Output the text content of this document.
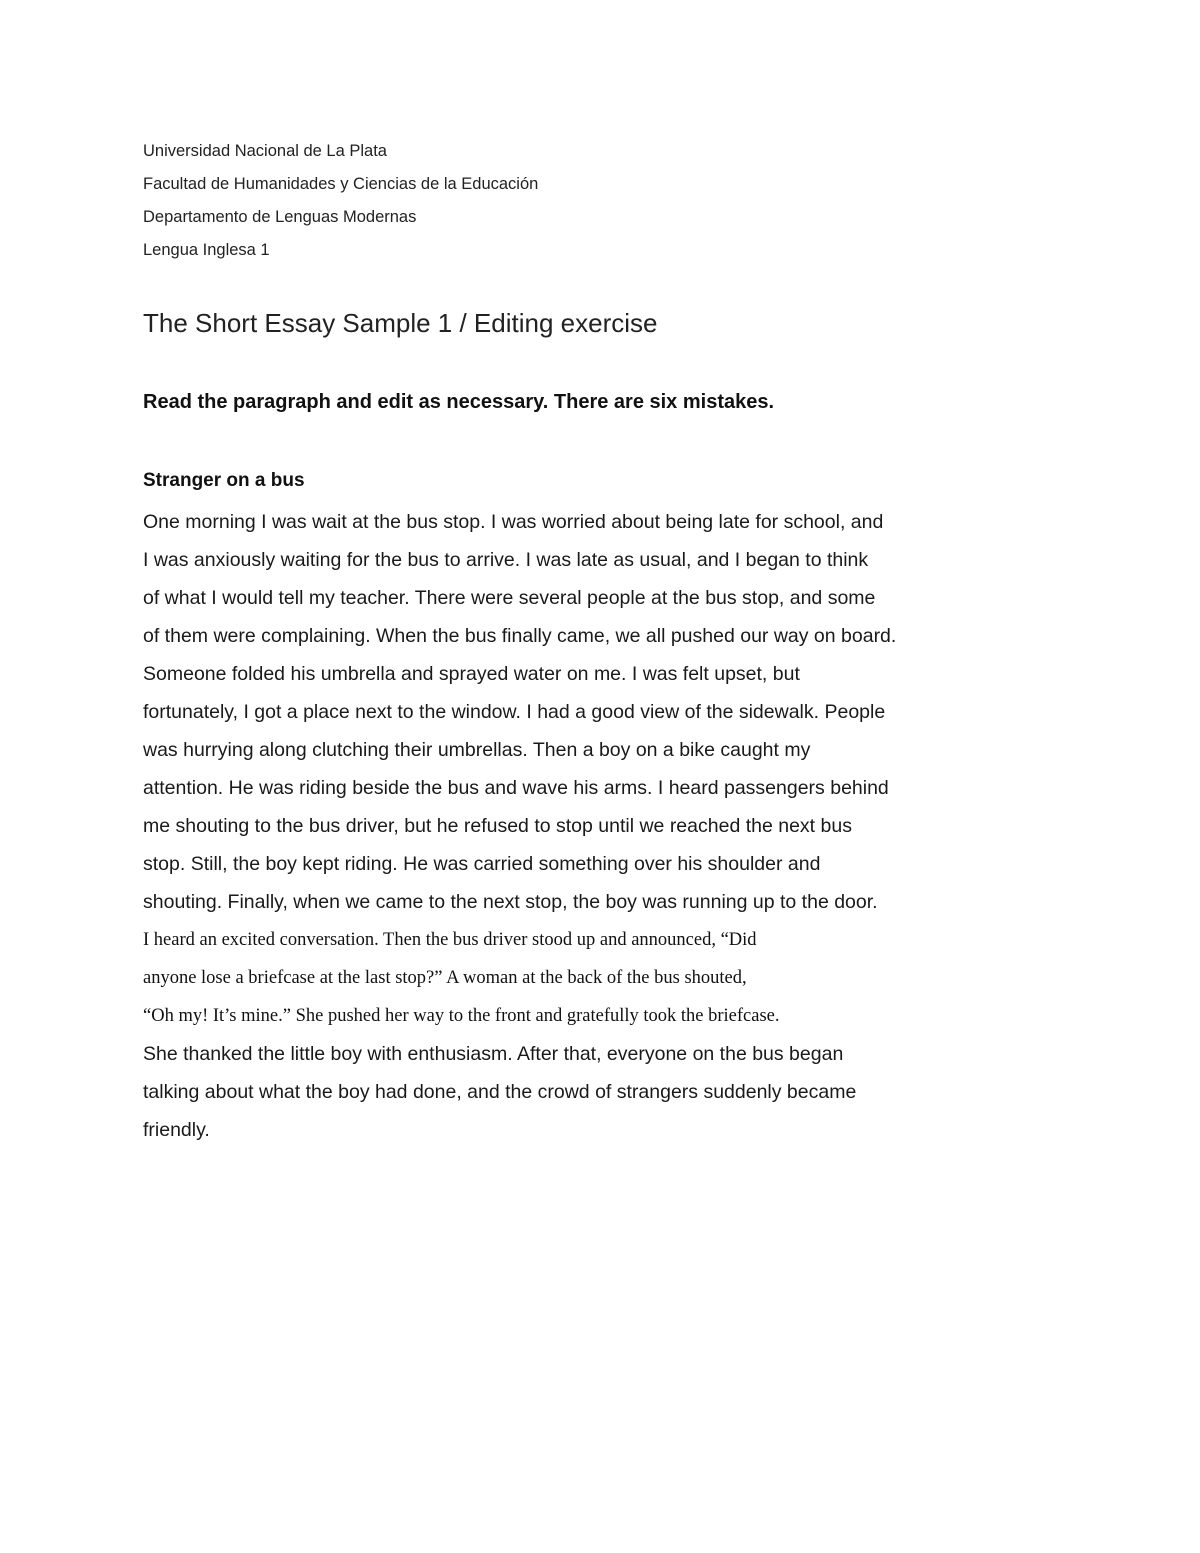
Universidad Nacional de La Plata
Facultad de Humanidades y Ciencias de la Educación
Departamento de Lenguas Modernas
Lengua Inglesa 1
The Short Essay Sample 1 / Editing exercise
Read the paragraph and edit as necessary. There are six mistakes.
Stranger on a bus
One morning I was wait at the bus stop. I was worried about being late for school, and
I was anxiously waiting for the bus to arrive. I was late as usual, and I began to think
of what I would tell my teacher. There were several people at the bus stop, and some
of them were complaining. When the bus finally came, we all pushed our way on board.
Someone folded his umbrella and sprayed water on me. I was felt upset, but
fortunately, I got a place next to the window. I had a good view of the sidewalk. People
was hurrying along clutching their umbrellas. Then a boy on a bike caught my
attention. He was riding beside the bus and wave his arms. I heard passengers behind
me shouting to the bus driver, but he refused to stop until we reached the next bus
stop. Still, the boy kept riding. He was carried something over his shoulder and
shouting. Finally, when we came to the next stop, the boy was running up to the door.
I heard an excited conversation. Then the bus driver stood up and announced, “Did
anyone lose a briefcase at the last stop?” A woman at the back of the bus shouted,
“Oh my! It’s mine.” She pushed her way to the front and gratefully took the briefcase.
She thanked the little boy with enthusiasm. After that, everyone on the bus began
talking about what the boy had done, and the crowd of strangers suddenly became
friendly.
